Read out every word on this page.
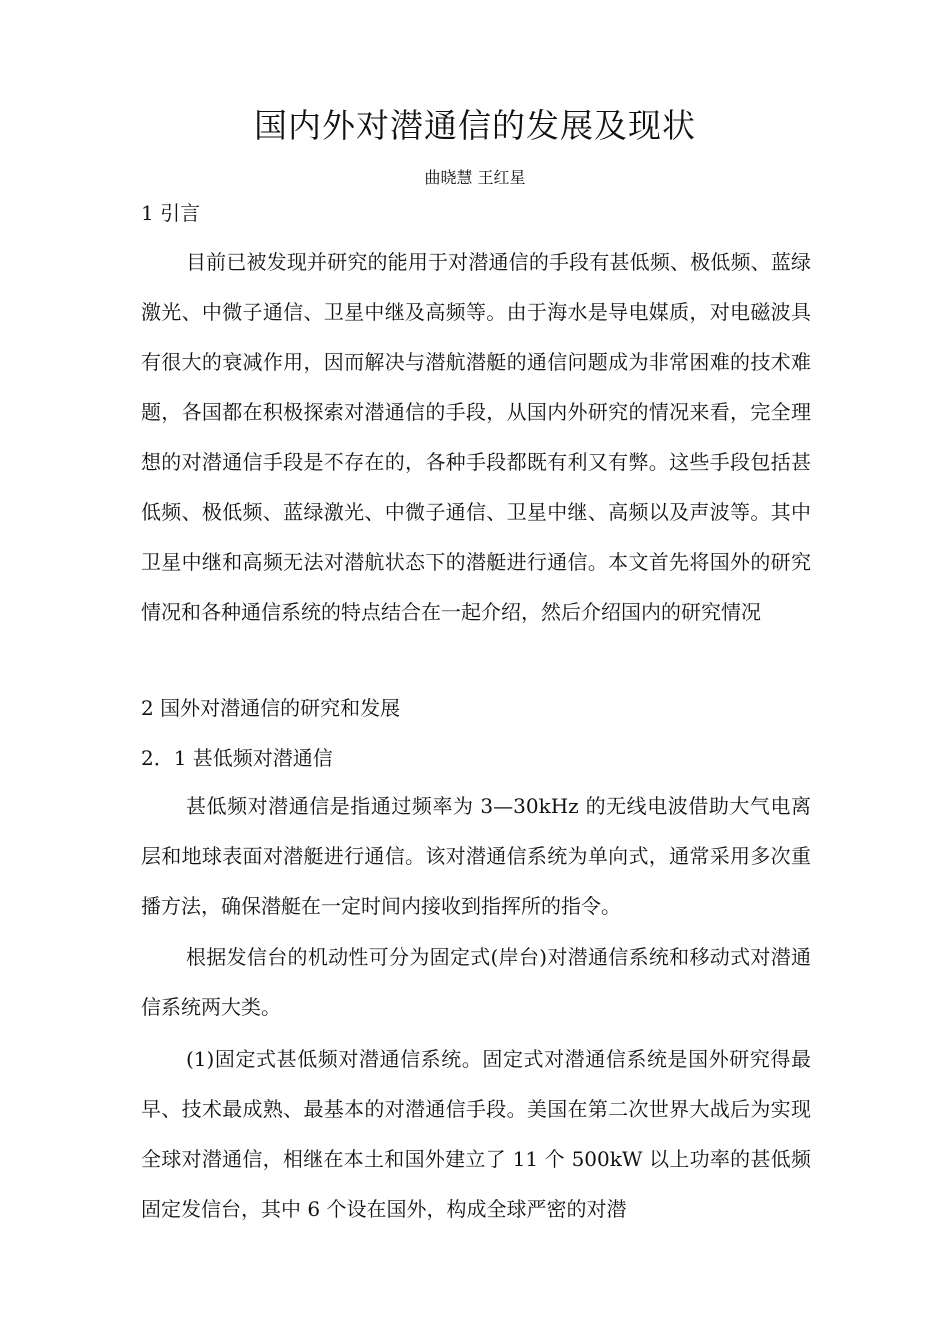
国内外对潜通信的发展及现状
曲晓慧 王红星
1 引言

目前已被发现并研究的能用于对潜通信的手段有甚低频、极低频、蓝绿激光、中微子通信、卫星中继及高频等。由于海水是导电媒质，对电磁波具有很大的衰减作用，因而解决与潜航潜艇的通信问题成为非常困难的技术难题，各国都在积极探索对潜通信的手段，从国内外研究的情况来看，完全理想的对潜通信手段是不存在的，各种手段都既有利又有弊。这些手段包括甚低频、极低频、蓝绿激光、中微子通信、卫星中继、高频以及声波等。其中卫星中继和高频无法对潜航状态下的潜艇进行通信。本文首先将国外的研究情况和各种通信系统的特点结合在一起介绍，然后介绍国内的研究情况

2 国外对潜通信的研究和发展
2．1 甚低频对潜通信

甚低频对潜通信是指通过频率为 3—30kHz 的无线电波借助大气电离层和地球表面对潜艇进行通信。该对潜通信系统为单向式，通常采用多次重播方法，确保潜艇在一定时间内接收到指挥所的指令。

根据发信台的机动性可分为固定式(岸台)对潜通信系统和移动式对潜通信系统两大类。

(1)固定式甚低频对潜通信系统。固定式对潜通信系统是国外研究得最早、技术最成熟、最基本的对潜通信手段。美国在第二次世界大战后为实现全球对潜通信，相继在本土和国外建立了 11 个 500kW 以上功率的甚低频固定发信台，其中 6 个设在国外，构成全球严密的对潜
